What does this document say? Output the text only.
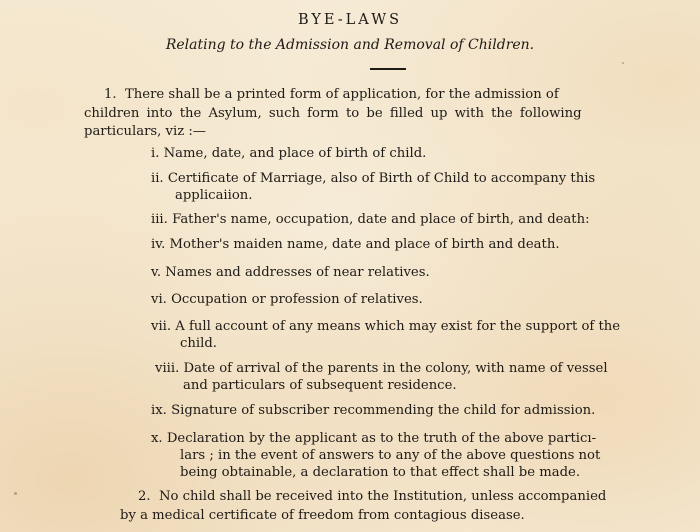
BYE-LAWS
Relating to the Admission and Removal of Children.
1. There shall be a printed form of application, for the admission of
children into the Asylum, such form to be filled up with the following
particulars, viz :—
i. Name, date, and place of birth of child.
ii. Certificate of Marriage, also of Birth of Child to accompany this
applicaiion.
iii. Father's name, occupation, date and place of birth, and death:
iv. Mother's maiden name, date and place of birth and death.
v. Names and addresses of near relatives.
vi. Occupation or profession of relatives.
vii. A full account of any means which may exist for the support of the
child.
viii. Date of arrival of the parents in the colony, with name of vessel
and particulars of subsequent residence.
ix. Signature of subscriber recommending the child for admission.
x. Declaration by the applicant as to the truth of the above particı-
lars ; in the event of answers to any of the above questions not
being obtainable, a declaration to that effect shall be made.
2. No child shall be received into the Institution, unless accompanied
by a medical certificate of freedom from contagious disease.
